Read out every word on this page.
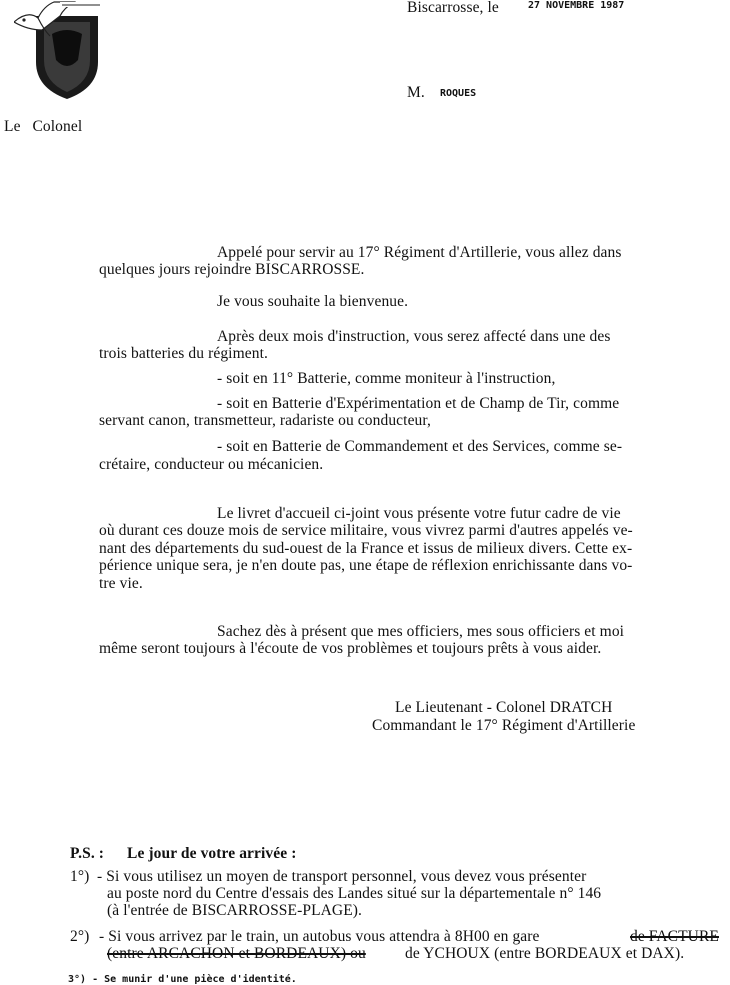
Biscarrosse, le	27 NOVEMBRE 1987
M. ROQUES
Le   Colonel
Appelé pour servir au 17° Régiment d'Artillerie, vous allez dans
quelques jours rejoindre BISCARROSSE.
Je vous souhaite la bienvenue.
Après deux mois d'instruction, vous serez affecté dans une des
trois batteries du régiment.
- soit en 11° Batterie, comme moniteur à l'instruction,
- soit en Batterie d'Expérimentation et de Champ de Tir, comme
servant canon, transmetteur, radariste ou conducteur,
- soit en Batterie de Commandement et des Services, comme se-
crétaire, conducteur ou mécanicien.
Le livret d'accueil ci-joint vous présente votre futur cadre de vie
où durant ces douze mois de service militaire, vous vivrez parmi d'autres appelés ve-
nant des départements du sud-ouest de la France et issus de milieux divers. Cette ex-
périence unique sera, je n'en doute pas, une étape de réflexion enrichissante dans vo-
tre vie.
Sachez dès à présent que mes officiers, mes sous officiers et moi
même seront toujours à l'écoute de vos problèmes et toujours prêts à vous aider.
Le Lieutenant - Colonel DRATCH
Commandant le 17° Régiment d'Artillerie
P.S. : Le jour de votre arrivée :
1°) - Si vous utilisez un moyen de transport personnel, vous devez vous présenter
au poste nord du Centre d'essais des Landes situé sur la départementale n° 146
(à l'entrée de BISCARROSSE-PLAGE).
2°) - Si vous arrivez par le train, un autobus vous attendra à 8H00 en gare	de FACTURE
(entre ARCACHON et BORDEAUX) ou	de YCHOUX (entre BORDEAUX et DAX).
3°) - Se munir d'une pièce d'identité.
